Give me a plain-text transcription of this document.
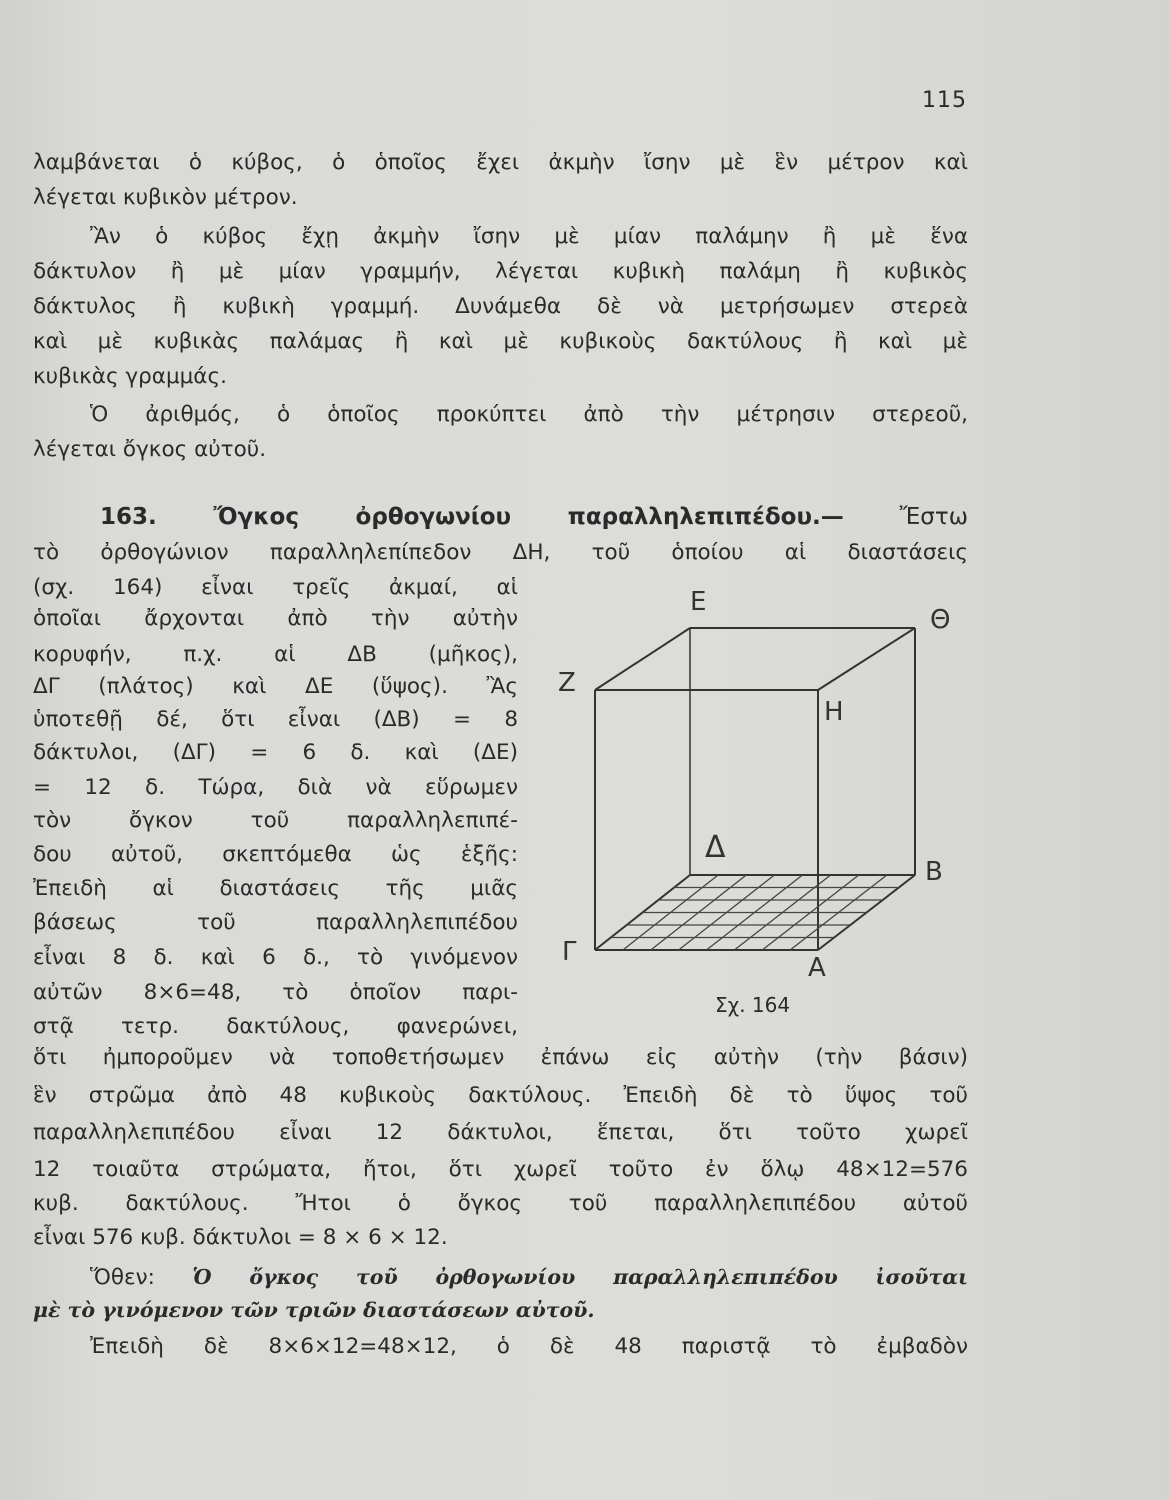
115
λαμβάνεται ὁ κύβος, ὁ ὁποῖος ἔχει ἀκμὴν ἴσην μὲ ἓν μέτρον καὶ
λέγεται κυβικὸν μέτρον.
Ἂν ὁ κύβος ἔχῃ ἀκμὴν ἴσην μὲ μίαν παλάμην ἢ μὲ ἕνα
δάκτυλον ἢ μὲ μίαν γραμμήν, λέγεται κυβικὴ παλάμη ἢ κυβικὸς
δάκτυλος ἢ κυβικὴ γραμμή. Δυνάμεθα δὲ νὰ μετρήσωμεν στερεὰ
καὶ μὲ κυβικὰς παλάμας ἢ καὶ μὲ κυβικοὺς δακτύλους ἢ καὶ μὲ
κυβικὰς γραμμάς.
Ὁ ἀριθμός, ὁ ὁποῖος προκύπτει ἀπὸ τὴν μέτρησιν στερεοῦ,
λέγεται ὄγκος αὐτοῦ.
163. Ὄγκος ὀρθογωνίου παραλληλεπιπέδου.— Ἔστω
τὸ ὀρθογώνιον παραλληλεπίπεδον ΔΗ, τοῦ ὁποίου αἱ διαστάσεις
(σχ. 164) εἶναι τρεῖς ἀκμαί, αἱ
ὁποῖαι ἄρχονται ἀπὸ τὴν αὐτὴν
κορυφήν, π.χ. αἱ ΔΒ (μῆκος),
ΔΓ (πλάτος) καὶ ΔΕ (ὕψος). Ἂς
ὑποτεθῇ δέ, ὅτι εἶναι (ΔΒ) = 8
δάκτυλοι, (ΔΓ) = 6 δ. καὶ (ΔΕ)
= 12 δ. Τώρα, διὰ νὰ εὕρωμεν
τὸν ὄγκον τοῦ παραλληλεπιπέ-
δου αὐτοῦ, σκεπτόμεθα ὡς ἑξῆς:
Ἐπειδὴ αἱ διαστάσεις τῆς μιᾶς
βάσεως τοῦ παραλληλεπιπέδου
εἶναι 8 δ. καὶ 6 δ., τὸ γινόμενον
αὐτῶν 8×6=48, τὸ ὁποῖον παρι-
στᾷ τετρ. δακτύλους, φανερώνει,
ὅτι ἠμποροῦμεν νὰ τοποθετήσωμεν ἐπάνω εἰς αὐτὴν (τὴν βάσιν)
ἓν στρῶμα ἀπὸ 48 κυβικοὺς δακτύλους. Ἐπειδὴ δὲ τὸ ὕψος τοῦ
παραλληλεπιπέδου εἶναι 12 δάκτυλοι, ἕπεται, ὅτι τοῦτο χωρεῖ
12 τοιαῦτα στρώματα, ἤτοι, ὅτι χωρεῖ τοῦτο ἐν ὅλῳ 48×12=576
κυβ. δακτύλους. Ἤτοι ὁ ὄγκος τοῦ παραλληλεπιπέδου αὐτοῦ
εἶναι 576 κυβ. δάκτυλοι = 8 × 6 × 12.
Ὅθεν: Ὁ ὄγκος τοῦ ὀρθογωνίου παραλληλεπιπέδου ἰσοῦται
μὲ τὸ γινόμενον τῶν τριῶν διαστάσεων αὐτοῦ.
Ἐπειδὴ δὲ 8×6×12=48×12, ὁ δὲ 48 παριστᾷ τὸ ἐμβαδὸν
E
Θ
Z
H
Δ
B
Γ
A
Σχ. 164
